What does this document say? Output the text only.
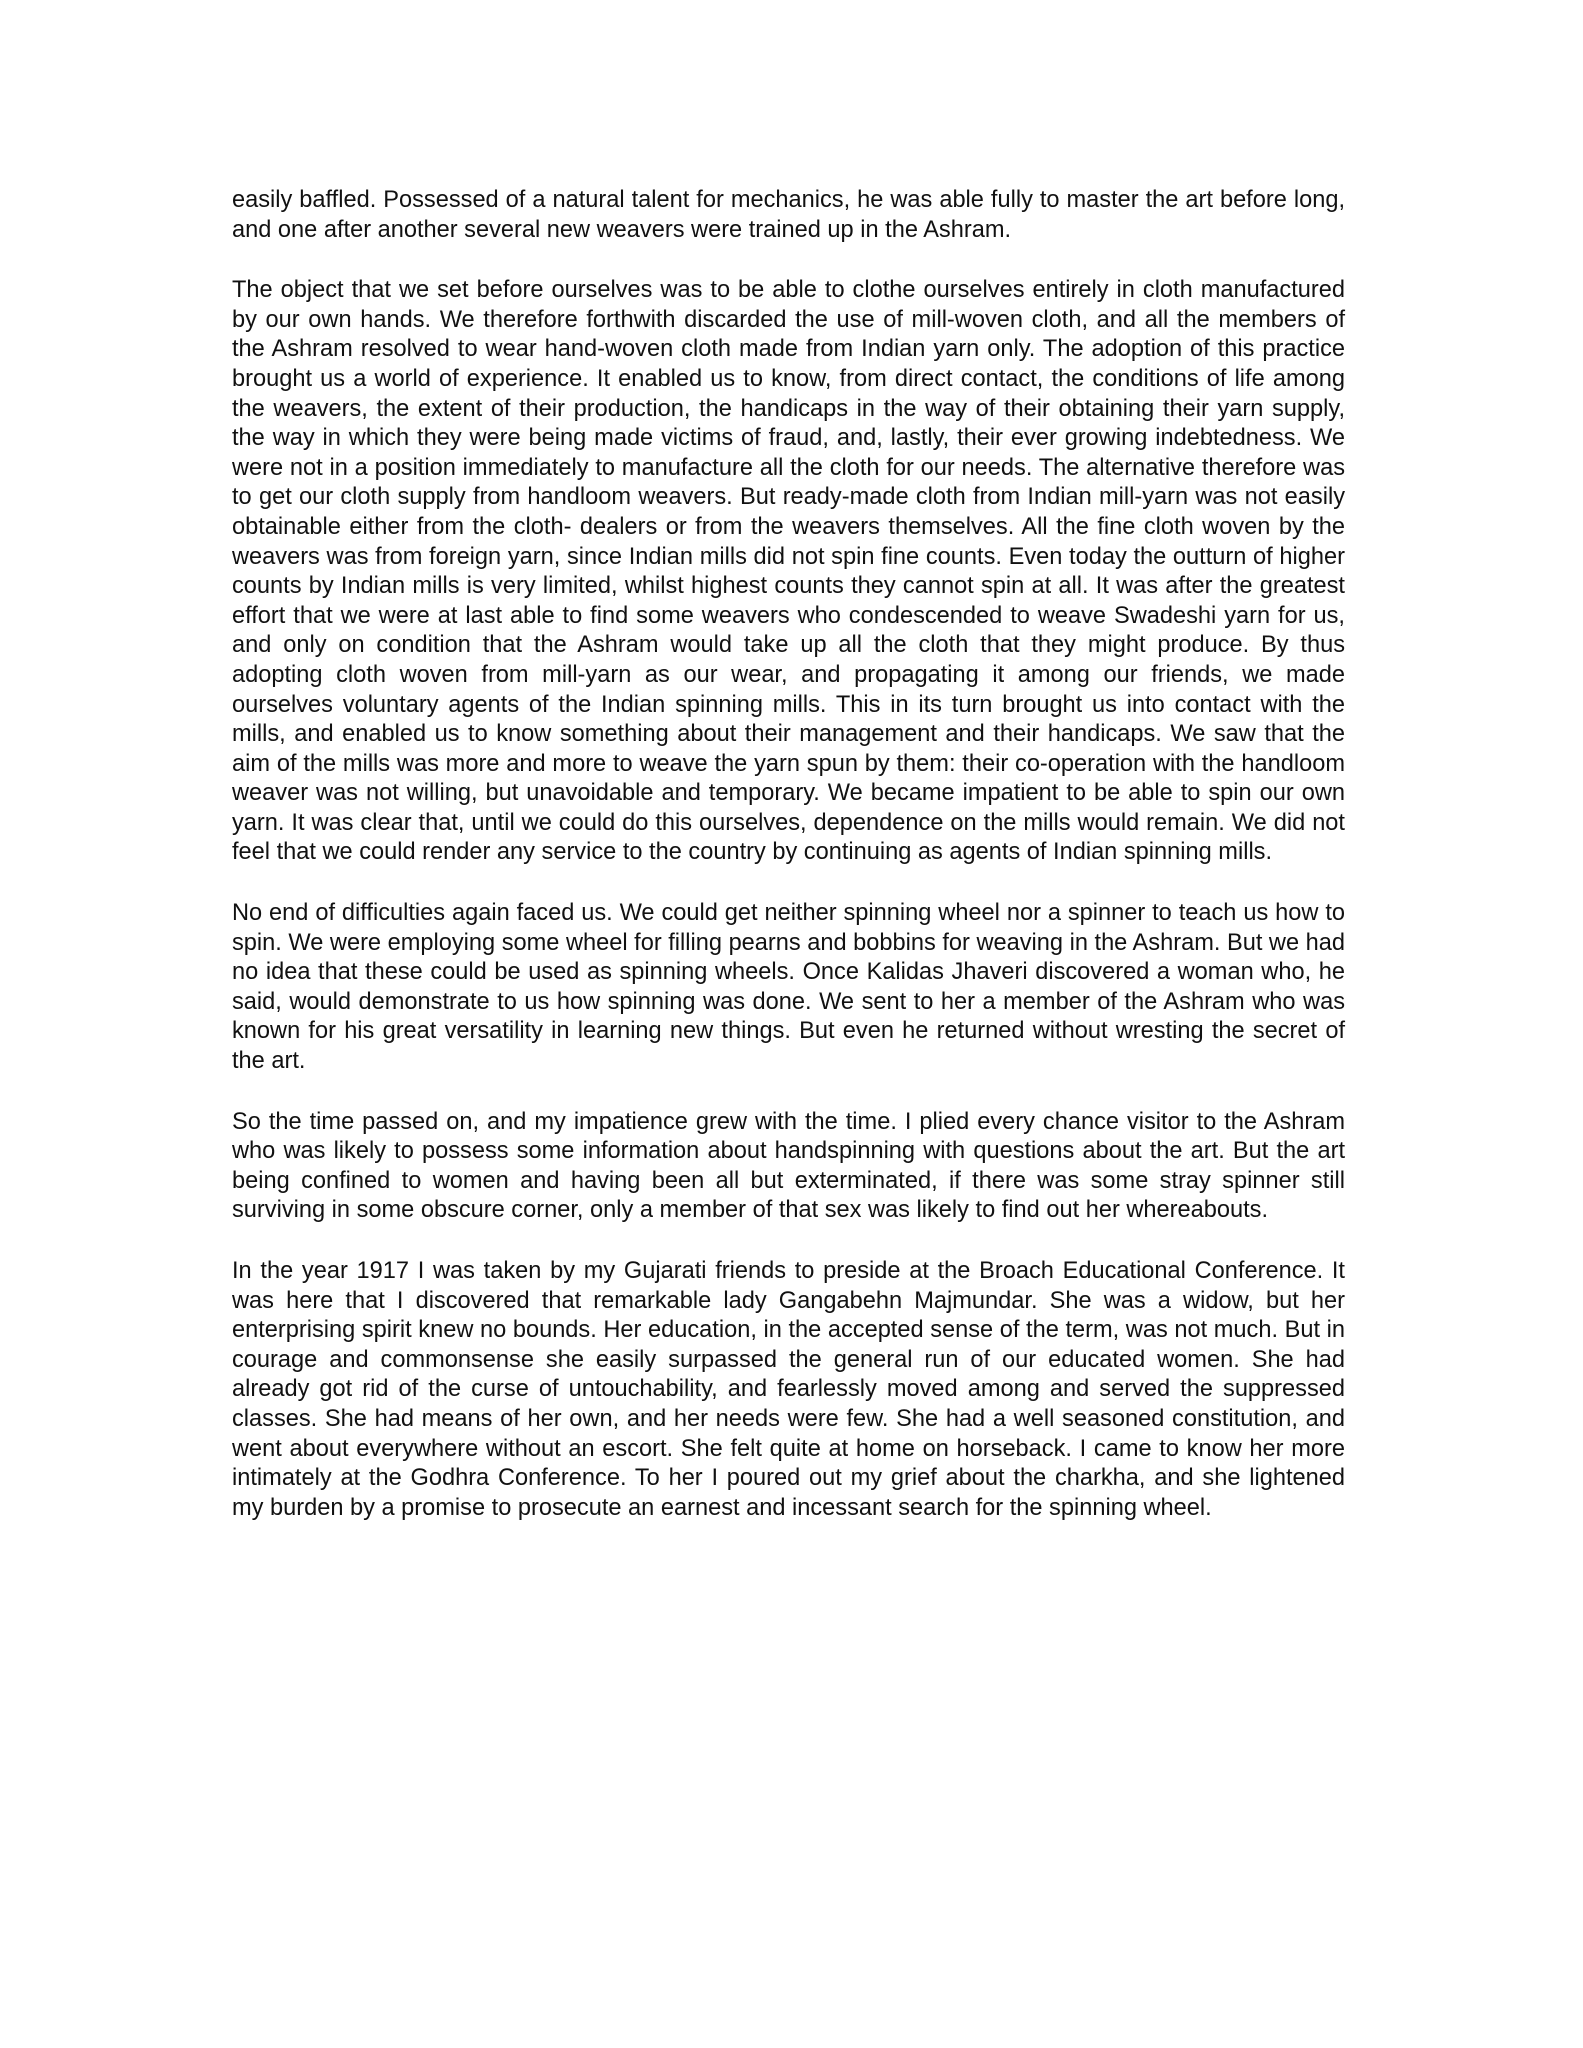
easily baffled. Possessed of a natural talent for mechanics, he was able fully to master the art before long, and one after another several new weavers were trained up in the Ashram.

The object that we set before ourselves was to be able to clothe ourselves entirely in cloth manufactured by our own hands. We therefore forthwith discarded the use of mill-woven cloth, and all the members of the Ashram resolved to wear hand-woven cloth made from Indian yarn only. The adoption of this practice brought us a world of experience. It enabled us to know, from direct contact, the conditions of life among the weavers, the extent of their production, the handicaps in the way of their obtaining their yarn supply, the way in which they were being made victims of fraud, and, lastly, their ever growing indebtedness. We were not in a position immediately to manufacture all the cloth for our needs. The alternative therefore was to get our cloth supply from handloom weavers. But ready-made cloth from Indian mill-yarn was not easily obtainable either from the cloth- dealers or from the weavers themselves. All the fine cloth woven by the weavers was from foreign yarn, since Indian mills did not spin fine counts. Even today the outturn of higher counts by Indian mills is very limited, whilst highest counts they cannot spin at all. It was after the greatest effort that we were at last able to find some weavers who condescended to weave Swadeshi yarn for us, and only on condition that the Ashram would take up all the cloth that they might produce. By thus adopting cloth woven from mill-yarn as our wear, and propagating it among our friends, we made ourselves voluntary agents of the Indian spinning mills. This in its turn brought us into contact with the mills, and enabled us to know something about their management and their handicaps. We saw that the aim of the mills was more and more to weave the yarn spun by them: their co-operation with the handloom weaver was not willing, but unavoidable and temporary. We became impatient to be able to spin our own yarn. It was clear that, until we could do this ourselves, dependence on the mills would remain. We did not feel that we could render any service to the country by continuing as agents of Indian spinning mills.

No end of difficulties again faced us. We could get neither spinning wheel nor a spinner to teach us how to spin. We were employing some wheel for filling pearns and bobbins for weaving in the Ashram. But we had no idea that these could be used as spinning wheels. Once Kalidas Jhaveri discovered a woman who, he said, would demonstrate to us how spinning was done. We sent to her a member of the Ashram who was known for his great versatility in learning new things. But even he returned without wresting the secret of the art.

So the time passed on, and my impatience grew with the time. I plied every chance visitor to the Ashram who was likely to possess some information about handspinning with questions about the art. But the art being confined to women and having been all but exterminated, if there was some stray spinner still surviving in some obscure corner, only a member of that sex was likely to find out her whereabouts.

In the year 1917 I was taken by my Gujarati friends to preside at the Broach Educational Conference. It was here that I discovered that remarkable lady Gangabehn Majmundar. She was a widow, but her enterprising spirit knew no bounds. Her education, in the accepted sense of the term, was not much. But in courage and commonsense she easily surpassed the general run of our educated women. She had already got rid of the curse of untouchability, and fearlessly moved among and served the suppressed classes. She had means of her own, and her needs were few. She had a well seasoned constitution, and went about everywhere without an escort. She felt quite at home on horseback. I came to know her more intimately at the Godhra Conference. To her I poured out my grief about the charkha, and she lightened my burden by a promise to prosecute an earnest and incessant search for the spinning wheel.
